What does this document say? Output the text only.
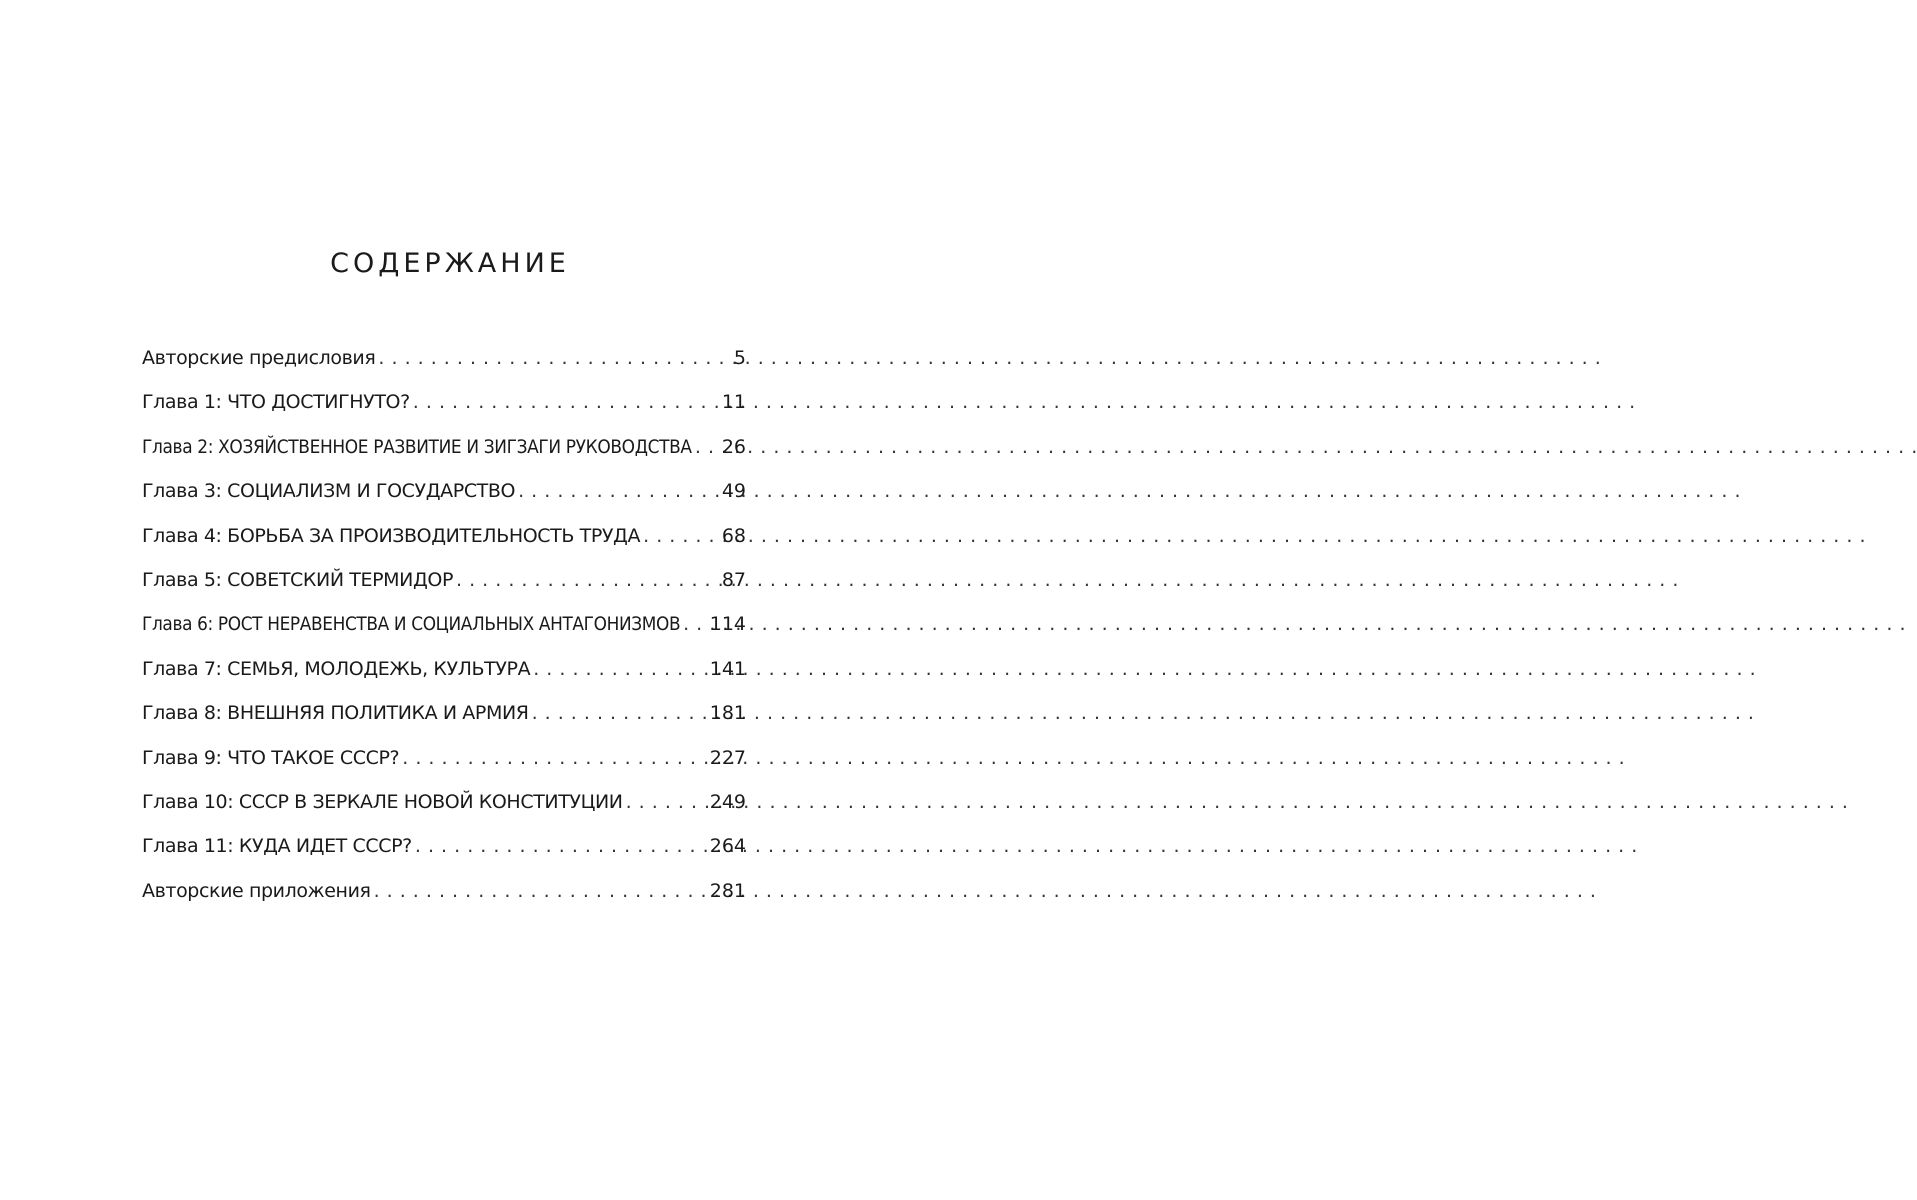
СОДЕРЖАНИЕ
Авторские предисловия . . .	5
Глава 1: ЧТО ДОСТИГНУТО? . . .	11
Глава 2: ХОЗЯЙСТВЕННОЕ РАЗВИТИЕ И ЗИГЗАГИ РУКОВОДСТВА . . . 26
Глава 3: СОЦИАЛИЗМ И ГОСУДАРСТВО . . .	49
Глава 4: БОРЬБА ЗА ПРОИЗВОДИТЕЛЬНОСТЬ ТРУДА . . .	68
Глава 5: СОВЕТСКИЙ ТЕРМИДОР . . .	87
Глава 6: РОСТ НЕРАВЕНСТВА И СОЦИАЛЬНЫХ АНТАГОНИЗМОВ . . . 114
Глава 7: СЕМЬЯ, МОЛОДЕЖЬ, КУЛЬТУРА . . .	141
Глава 8: ВНЕШНЯЯ ПОЛИТИКА И АРМИЯ . . .	181
Глава 9: ЧТО ТАКОЕ СССР? . . .	227
Глава 10: СССР В ЗЕРКАЛЕ НОВОЙ КОНСТИТУЦИИ . . .	249
Глава 11: КУДА ИДЕТ СССР? . . .	264
Авторские приложения . . .	281
